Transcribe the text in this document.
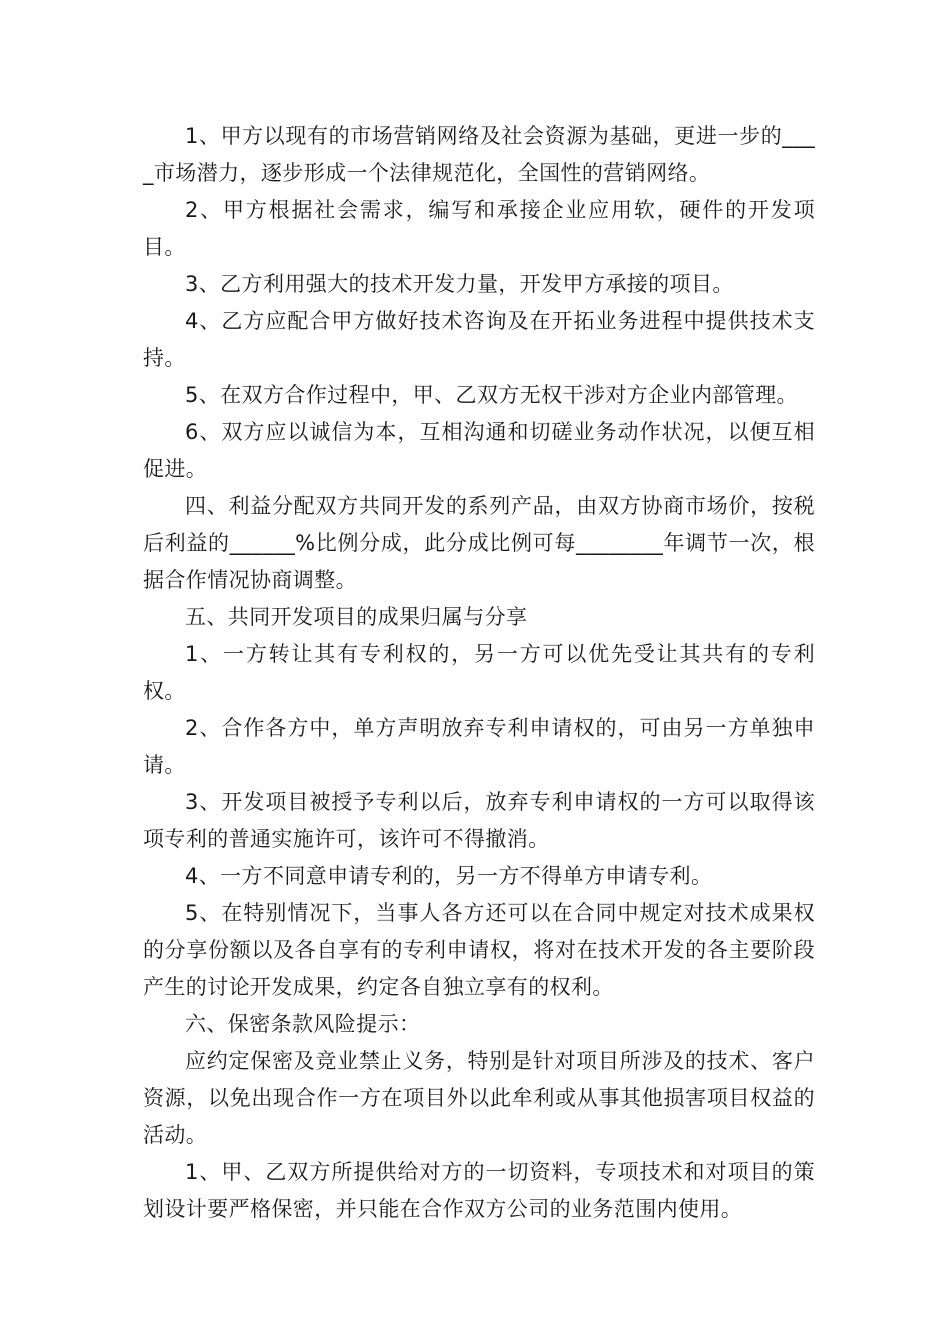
1、甲方以现有的市场营销网络及社会资源为基础，更进一步的____市场潜力，逐步形成一个法律规范化，全国性的营销网络。

2、甲方根据社会需求，编写和承接企业应用软，硬件的开发项目。

3、乙方利用强大的技术开发力量，开发甲方承接的项目。

4、乙方应配合甲方做好技术咨询及在开拓业务进程中提供技术支持。

5、在双方合作过程中，甲、乙双方无权干涉对方企业内部管理。

6、双方应以诚信为本，互相沟通和切磋业务动作状况，以便互相促进。

四、利益分配双方共同开发的系列产品，由双方协商市场价，按税后利益的______%比例分成，此分成比例可每________年调节一次，根据合作情况协商调整。

五、共同开发项目的成果归属与分享

1、一方转让其有专利权的，另一方可以优先受让其共有的专利权。

2、合作各方中，单方声明放弃专利申请权的，可由另一方单独申请。

3、开发项目被授予专利以后，放弃专利申请权的一方可以取得该项专利的普通实施许可，该许可不得撤消。

4、一方不同意申请专利的，另一方不得单方申请专利。

5、在特别情况下，当事人各方还可以在合同中规定对技术成果权的分享份额以及各自享有的专利申请权，将对在技术开发的各主要阶段产生的讨论开发成果，约定各自独立享有的权利。

六、保密条款风险提示：

应约定保密及竞业禁止义务，特别是针对项目所涉及的技术、客户资源，以免出现合作一方在项目外以此牟利或从事其他损害项目权益的活动。

1、甲、乙双方所提供给对方的一切资料，专项技术和对项目的策划设计要严格保密，并只能在合作双方公司的业务范围内使用。
